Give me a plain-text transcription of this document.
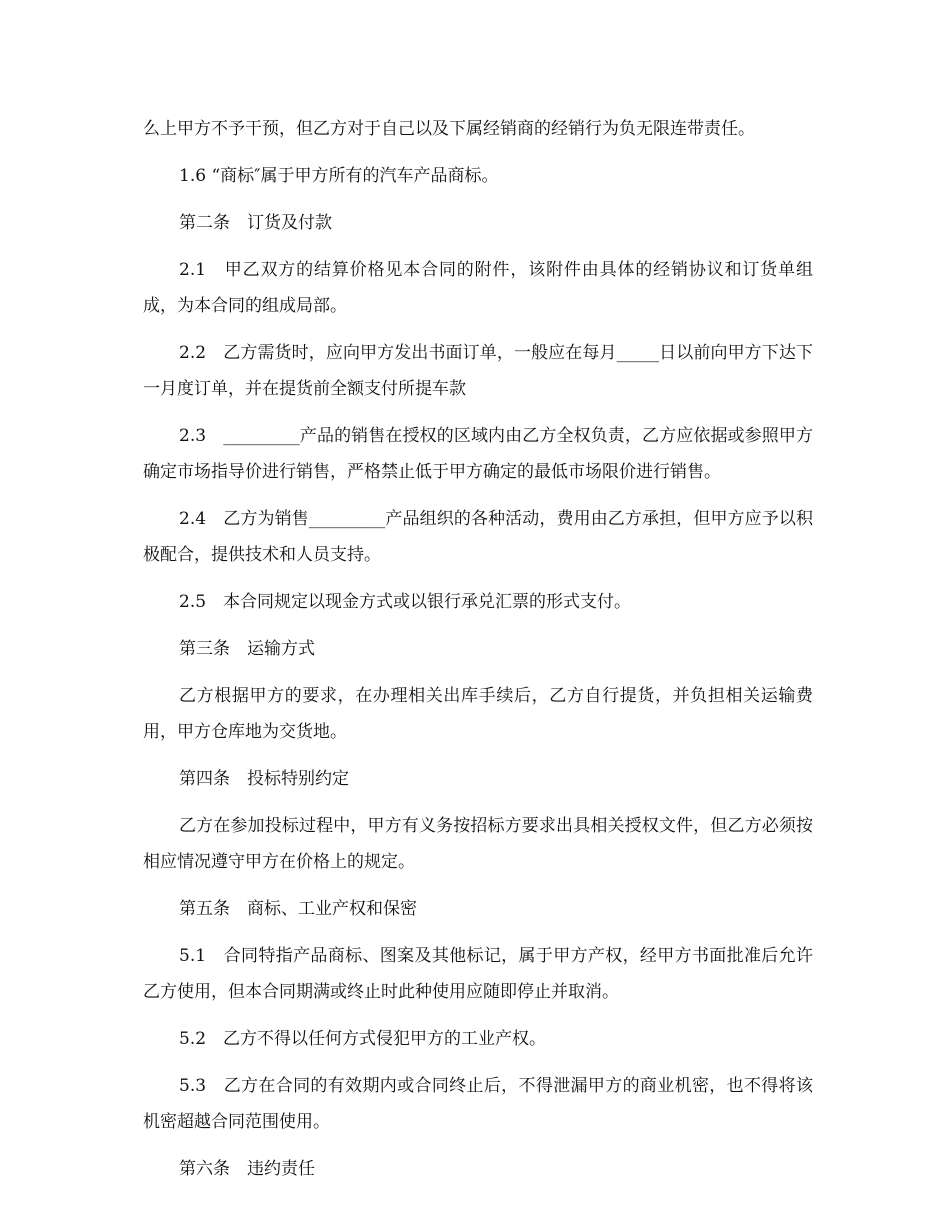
么上甲方不予干预，但乙方对于自己以及下属经销商的经销行为负无限连带责任。

1.6 “商标″属于甲方所有的汽车产品商标。

第二条　订货及付款

2.1　甲乙双方的结算价格见本合同的附件，该附件由具体的经销协议和订货单组成，为本合同的组成局部。

2.2　乙方需货时，应向甲方发出书面订单，一般应在每月_____日以前向甲方下达下一月度订单，并在提货前全额支付所提车款

2.3　_________产品的销售在授权的区域内由乙方全权负责，乙方应依据或参照甲方确定市场指导价进行销售，严格禁止低于甲方确定的最低市场限价进行销售。

2.4　乙方为销售_________产品组织的各种活动，费用由乙方承担，但甲方应予以积极配合，提供技术和人员支持。

2.5　本合同规定以现金方式或以银行承兑汇票的形式支付。

第三条　运输方式

乙方根据甲方的要求，在办理相关出库手续后，乙方自行提货，并负担相关运输费用，甲方仓库地为交货地。

第四条　投标特别约定

乙方在参加投标过程中，甲方有义务按招标方要求出具相关授权文件，但乙方必须按相应情况遵守甲方在价格上的规定。

第五条　商标、工业产权和保密

5.1　合同特指产品商标、图案及其他标记，属于甲方产权，经甲方书面批准后允许乙方使用，但本合同期满或终止时此种使用应随即停止并取消。

5.2　乙方不得以任何方式侵犯甲方的工业产权。

5.3　乙方在合同的有效期内或合同终止后，不得泄漏甲方的商业机密，也不得将该机密超越合同范围使用。

第六条　违约责任
